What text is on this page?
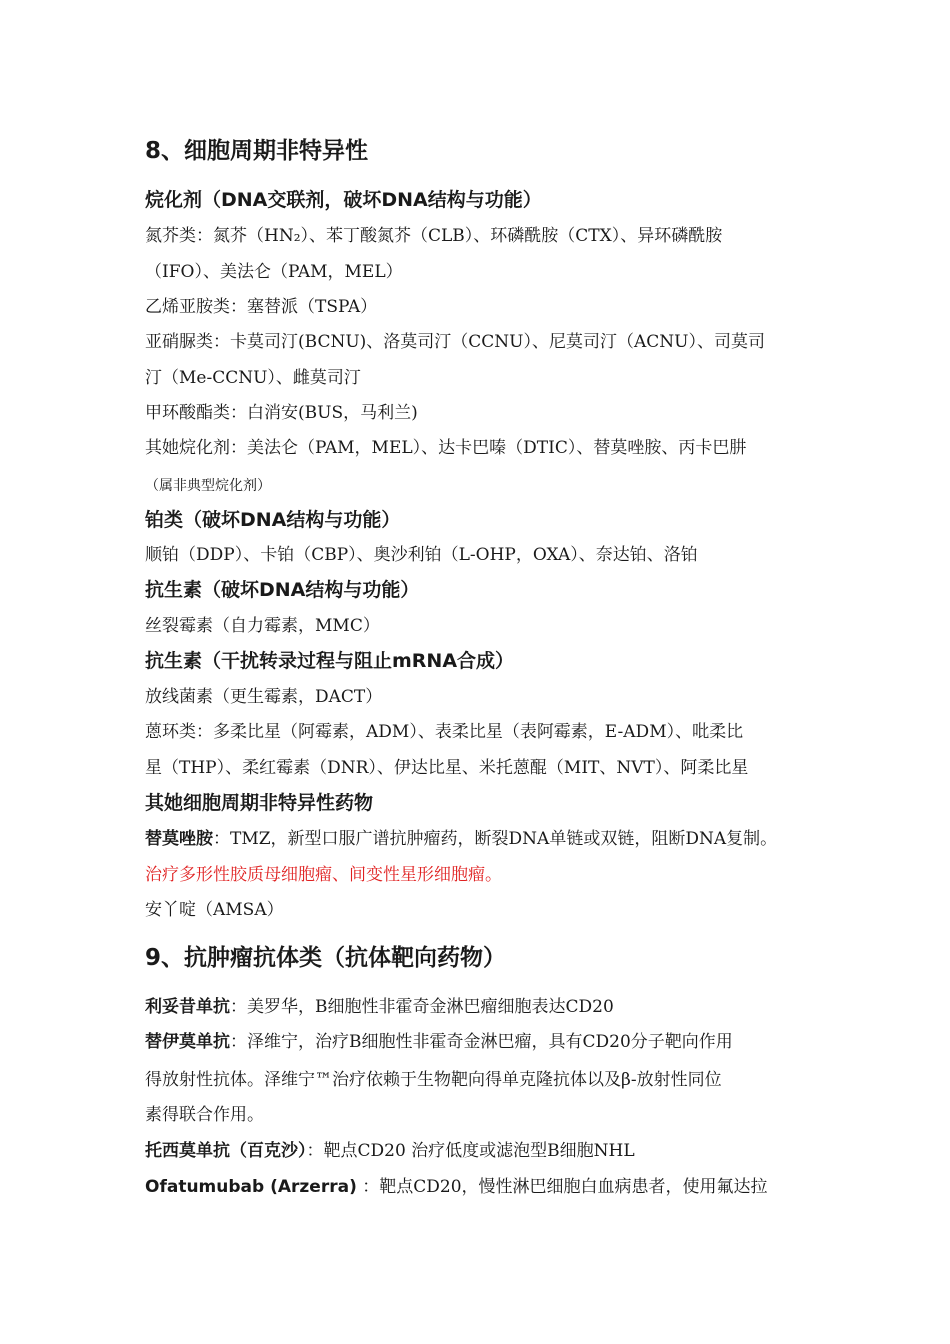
8、细胞周期非特异性
烷化剂（DNA交联剂，破坏DNA结构与功能）
氮芥类：氮芥（HN₂）、苯丁酸氮芥（CLB）、环磷酰胺（CTX）、异环磷酰胺
（IFO）、美法仑（PAM，MEL）
乙烯亚胺类：塞替派（TSPA）
亚硝脲类：卡莫司汀(BCNU)、洛莫司汀（CCNU）、尼莫司汀（ACNU）、司莫司
汀（Me-CCNU）、雌莫司汀
甲环酸酯类：白消安(BUS，马利兰)
其她烷化剂：美法仑（PAM，MEL）、达卡巴嗪（DTIC）、替莫唑胺、丙卡巴肼
（属非典型烷化剂）
铂类（破坏DNA结构与功能）
顺铂（DDP）、卡铂（CBP）、奥沙利铂（L-OHP，OXA）、奈达铂、洛铂
抗生素（破坏DNA结构与功能）
丝裂霉素（自力霉素，MMC）
抗生素（干扰转录过程与阻止mRNA合成）
放线菌素（更生霉素，DACT）
蒽环类：多柔比星（阿霉素，ADM）、表柔比星（表阿霉素，E-ADM）、吡柔比
星（THP）、柔红霉素（DNR）、伊达比星、米托蒽醌（MIT、NVT）、阿柔比星
其她细胞周期非特异性药物
替莫唑胺：TMZ，新型口服广谱抗肿瘤药，断裂DNA单链或双链，阻断DNA复制。
治疗多形性胶质母细胞瘤、间变性星形细胞瘤。
安丫啶（AMSA）
9、抗肿瘤抗体类（抗体靶向药物）
利妥昔单抗：美罗华，B细胞性非霍奇金淋巴瘤细胞表达CD20
替伊莫单抗：泽维宁，治疗B细胞性非霍奇金淋巴瘤，具有CD20分子靶向作用
得放射性抗体。泽维宁™治疗依赖于生物靶向得单克隆抗体以及β-放射性同位
素得联合作用。
托西莫单抗（百克沙）：靶点CD20 治疗低度或滤泡型B细胞NHL
Ofatumubab (Arzerra) ：靶点CD20，慢性淋巴细胞白血病患者，使用氟达拉
